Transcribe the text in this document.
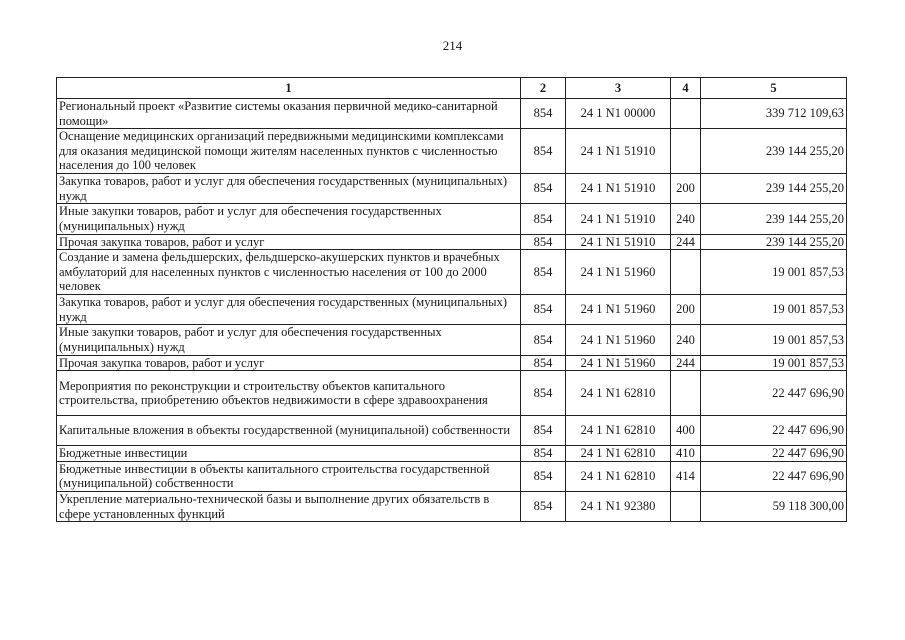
214
1	2	3	4	5
Региональный проект «Развитие системы оказания первичной медико-санитарной помощи»	854	24 1 N1 00000		339 712 109,63
Оснащение медицинских организаций передвижными медицинскими комплексами для оказания медицинской помощи жителям населенных пунктов с численностью населения до 100 человек	854	24 1 N1 51910		239 144 255,20
Закупка товаров, работ и услуг для обеспечения государственных (муниципальных) нужд	854	24 1 N1 51910	200	239 144 255,20
Иные закупки товаров, работ и услуг для обеспечения государственных (муниципальных) нужд	854	24 1 N1 51910	240	239 144 255,20
Прочая закупка товаров, работ и услуг	854	24 1 N1 51910	244	239 144 255,20
Создание и замена фельдшерских, фельдшерско-акушерских пунктов и врачебных амбулаторий для населенных пунктов с численностью населения от 100 до 2000 человек	854	24 1 N1 51960		19 001 857,53
Закупка товаров, работ и услуг для обеспечения государственных (муниципальных) нужд	854	24 1 N1 51960	200	19 001 857,53
Иные закупки товаров, работ и услуг для обеспечения государственных (муниципальных) нужд	854	24 1 N1 51960	240	19 001 857,53
Прочая закупка товаров, работ и услуг	854	24 1 N1 51960	244	19 001 857,53
Мероприятия по реконструкции и строительству объектов капитального строительства, приобретению объектов недвижимости в сфере здравоохранения	854	24 1 N1 62810		22 447 696,90
Капитальные вложения в объекты государственной (муниципальной) собственности	854	24 1 N1 62810	400	22 447 696,90
Бюджетные инвестиции	854	24 1 N1 62810	410	22 447 696,90
Бюджетные инвестиции в объекты капитального строительства государственной (муниципальной) собственности	854	24 1 N1 62810	414	22 447 696,90
Укрепление материально-технической базы и выполнение других обязательств в сфере установленных функций	854	24 1 N1 92380		59 118 300,00
